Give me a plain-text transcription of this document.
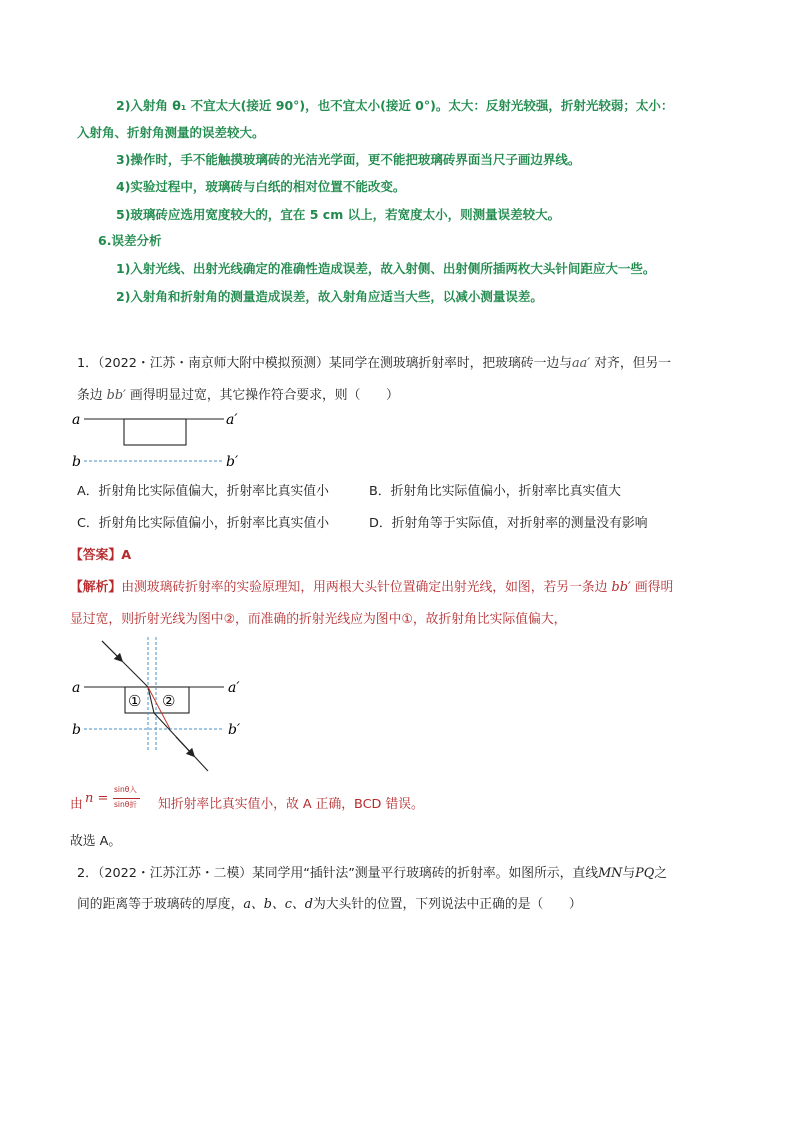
2)入射角 θ₁ 不宜太大(接近 90°)，也不宜太小(接近 0°)。太大：反射光较强，折射光较弱；太小：
入射角、折射角测量的误差较大。
3)操作时，手不能触摸玻璃砖的光洁光学面，更不能把玻璃砖界面当尺子画边界线。
4)实验过程中，玻璃砖与白纸的相对位置不能改变。
5)玻璃砖应选用宽度较大的，宜在 5 cm 以上，若宽度太小，则测量误差较大。
6.误差分析
1)入射光线、出射光线确定的准确性造成误差，故入射侧、出射侧所插两枚大头针间距应大一些。
2)入射角和折射角的测量造成误差，故入射角应适当大些，以减小测量误差。
1．（2022・江苏・南京师大附中模拟预测）某同学在测玻璃折射率时，把玻璃砖一边与aa′ 对齐，但另一
条边 bb′ 画得明显过宽，其它操作符合要求，则（　　）
a	a′
b	b′
A．折射角比实际值偏大，折射率比真实值小	B．折射角比实际值偏小，折射率比真实值大
C．折射角比实际值偏小，折射率比真实值小	D．折射角等于实际值，对折射率的测量没有影响
【答案】A
【解析】由测玻璃砖折射率的实验原理知，用两根大头针位置确定出射光线，如图，若另一条边 bb′ 画得明
显过宽，则折射光线为图中②，而准确的折射光线应为图中①，故折射角比实际值偏大，
① ②
a	a′
b	b′
由 n =
sinθ入
sinθ折 知折射率比真实值小，故 A 正确，BCD 错误。
故选 A。
2．（2022・江苏江苏・二模）某同学用“插针法”测量平行玻璃砖的折射率。如图所示，直线MN与PQ之
间的距离等于玻璃砖的厚度，a、b、c、d为大头针的位置，下列说法中正确的是（　　）
